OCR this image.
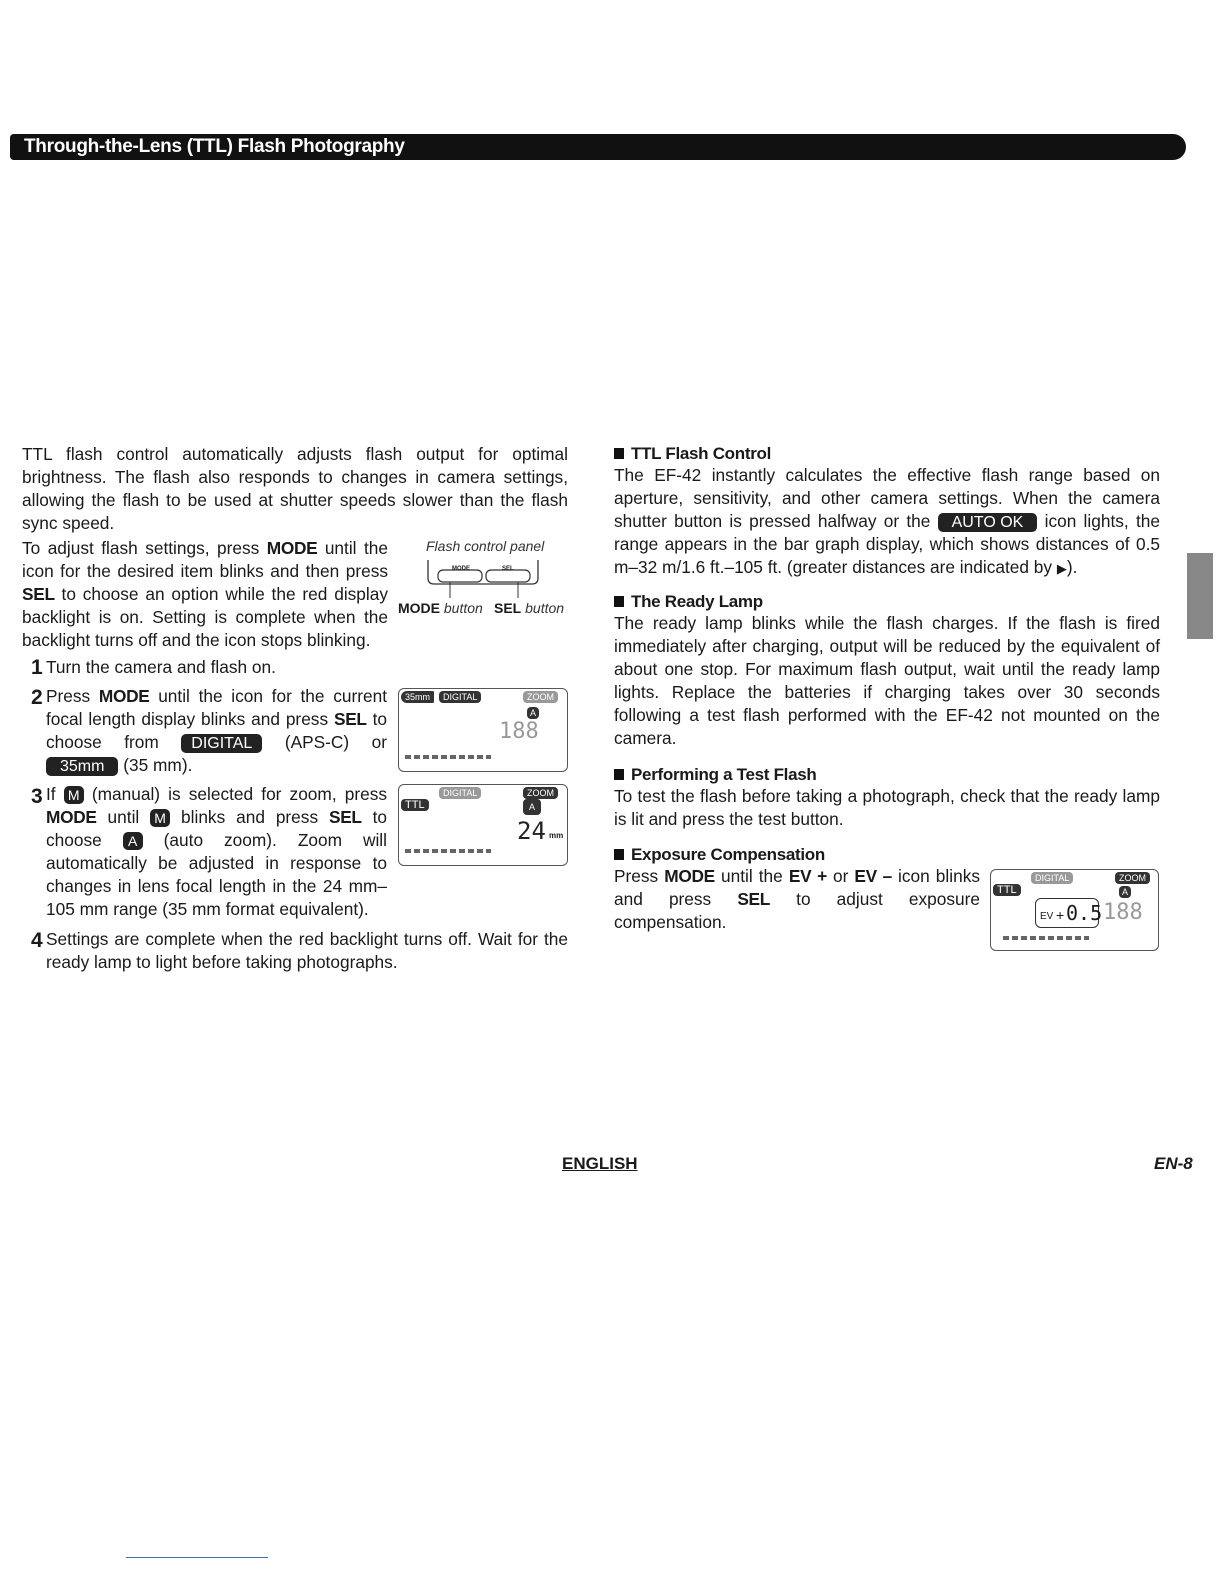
Through-the-Lens (TTL) Flash Photography
TTL flash control automatically adjusts flash output for optimal brightness. The flash also responds to changes in camera settings, allowing the flash to be used at shutter speeds slower than the flash sync speed.
To adjust flash settings, press MODE until the icon for the desired item blinks and then press SEL to choose an option while the red display backlight is on. Setting is complete when the backlight turns off and the icon stops blinking.
Flash control panel
MODE	SEL
MODE button SEL button
1 Turn the camera and flash on.
2 Press MODE until the icon for the current focal length display blinks and press SEL to choose from DIGITAL (APS-C) or 35mm (35 mm).
35mm	DIGITAL	ZOOM
A
188
3 If M (manual) is selected for zoom, press MODE until M blinks and press SEL to choose A (auto zoom). Zoom will automatically be adjusted in response to changes in lens focal length in the 24 mm–105 mm range (35 mm format equivalent).
DIGITAL
TTL
ZOOM
A
24 mm
4 Settings are complete when the red backlight turns off. Wait for the ready lamp to light before taking photographs.
TTL Flash Control
The EF-42 instantly calculates the effective flash range based on aperture, sensitivity, and other camera settings. When the camera shutter button is pressed halfway or the AUTO OK icon lights, the range appears in the bar graph display, which shows distances of 0.5 m–32 m/1.6 ft.–105 ft. (greater distances are indicated by ▶).
The Ready Lamp
The ready lamp blinks while the flash charges. If the flash is fired immediately after charging, output will be reduced by the equivalent of about one stop. For maximum flash output, wait until the ready lamp lights. Replace the batteries if charging takes over 30 seconds following a test flash performed with the EF-42 not mounted on the camera.
Performing a Test Flash
To test the flash before taking a photograph, check that the ready lamp is lit and press the test button.
Exposure Compensation
Press MODE until the EV + or EV – icon blinks and press SEL to adjust exposure compensation.
DIGITAL
TTL
ZOOM
A
EV + 0.5 188
ENGLISH	EN-8
